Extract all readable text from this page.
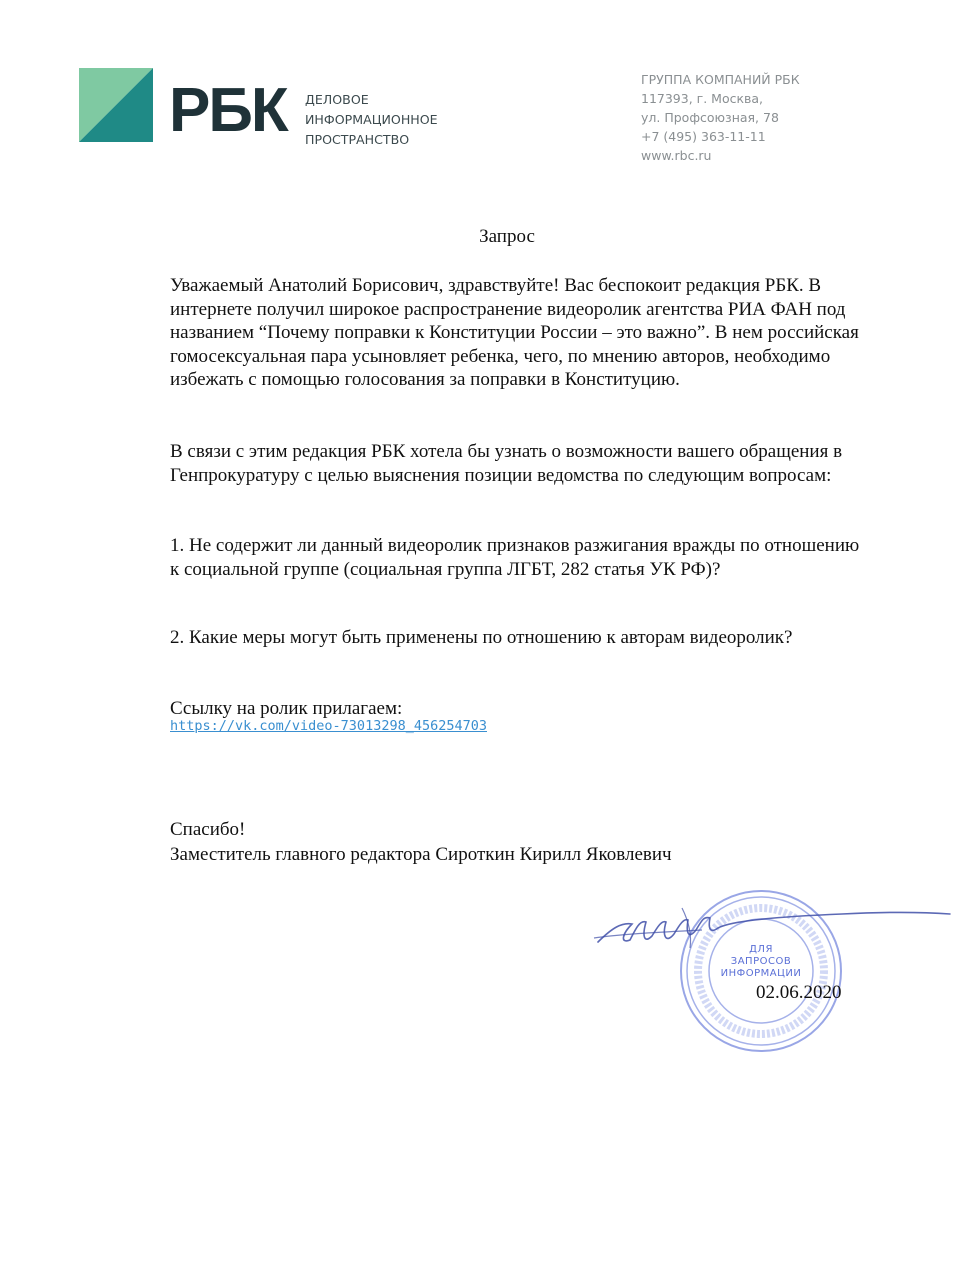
РБК ДЕЛОВОЕ
ИНФОРМАЦИОННОЕ
ПРОСТРАНСТВО
ГРУППА КОМПАНИЙ РБК
117393, г. Москва,
ул. Профсоюзная, 78
+7 (495) 363-11-11
www.rbc.ru
Запрос
Уважаемый Анатолий Борисович, здравствуйте! Вас беспокоит редакция РБК. В интернете получил широкое распространение видеоролик агентства РИА ФАН под названием “Почему поправки к Конституции России – это важно”. В нем российская гомосексуальная пара усыновляет ребенка, чего, по мнению авторов, необходимо избежать с помощью голосования за поправки в Конституцию.
В связи с этим редакция РБК хотела бы узнать о возможности вашего обращения в Генпрокуратуру с целью выяснения позиции ведомства по следующим вопросам:
1. Не содержит ли данный видеоролик признаков разжигания вражды по отношению к социальной группе (социальная группа ЛГБТ, 282 статья УК РФ)?
2. Какие меры могут быть применены по отношению к авторам видеоролик?
Ссылку на ролик прилагаем:
https://vk.com/video-73013298_456254703
Спасибо!
Заместитель главного редактора Сироткин Кирилл Яковлевич
ДЛЯ
ЗАПРОСОВ
ИНФОРМАЦИИ
02.06.2020
